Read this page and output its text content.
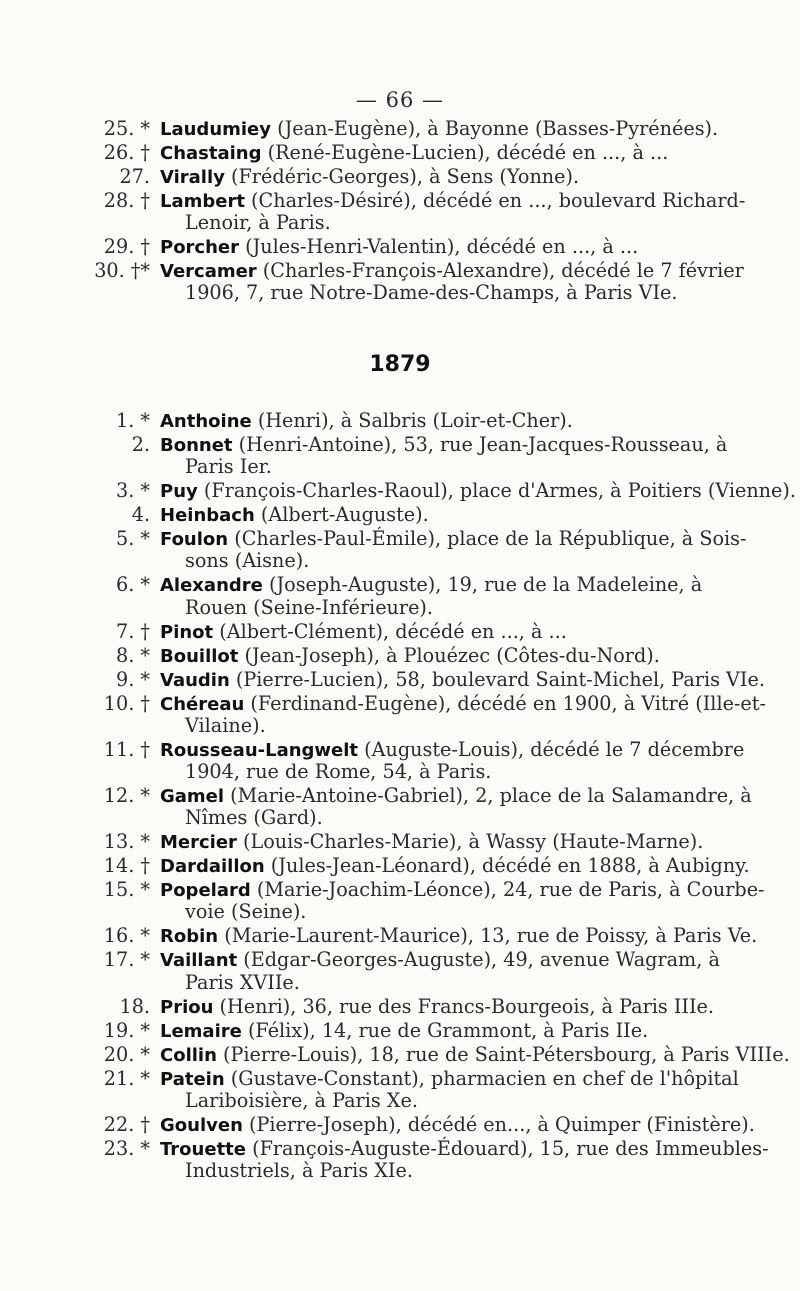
— 66 —
25. * Laudumiey (Jean-Eugène), à Bayonne (Basses-Pyrénées).
26. † Chastaing (René-Eugène-Lucien), décédé en ..., à ...
27. Virally (Frédéric-Georges), à Sens (Yonne).
28. † Lambert (Charles-Désiré), décédé en ..., boulevard Richard-
Lenoir, à Paris.
29. † Porcher (Jules-Henri-Valentin), décédé en ..., à ...
30. †* Vercamer (Charles-François-Alexandre), décédé le 7 février
1906, 7, rue Notre-Dame-des-Champs, à Paris VIe.
1879
1. * Anthoine (Henri), à Salbris (Loir-et-Cher).
2. Bonnet (Henri-Antoine), 53, rue Jean-Jacques-Rousseau, à
Paris Ier.
3. * Puy (François-Charles-Raoul), place d'Armes, à Poitiers (Vienne).
4. Heinbach (Albert-Auguste).
5. * Foulon (Charles-Paul-Émile), place de la République, à Sois-
sons (Aisne).
6. * Alexandre (Joseph-Auguste), 19, rue de la Madeleine, à
Rouen (Seine-Inférieure).
7. † Pinot (Albert-Clément), décédé en ..., à ...
8. * Bouillot (Jean-Joseph), à Plouézec (Côtes-du-Nord).
9. * Vaudin (Pierre-Lucien), 58, boulevard Saint-Michel, Paris VIe.
10. † Chéreau (Ferdinand-Eugène), décédé en 1900, à Vitré (Ille-et-
Vilaine).
11. † Rousseau-Langwelt (Auguste-Louis), décédé le 7 décembre
1904, rue de Rome, 54, à Paris.
12. * Gamel (Marie-Antoine-Gabriel), 2, place de la Salamandre, à
Nîmes (Gard).
13. * Mercier (Louis-Charles-Marie), à Wassy (Haute-Marne).
14. † Dardaillon (Jules-Jean-Léonard), décédé en 1888, à Aubigny.
15. * Popelard (Marie-Joachim-Léonce), 24, rue de Paris, à Courbe-
voie (Seine).
16. * Robin (Marie-Laurent-Maurice), 13, rue de Poissy, à Paris Ve.
17. * Vaillant (Edgar-Georges-Auguste), 49, avenue Wagram, à
Paris XVIIe.
18. Priou (Henri), 36, rue des Francs-Bourgeois, à Paris IIIe.
19. * Lemaire (Félix), 14, rue de Grammont, à Paris IIe.
20. * Collin (Pierre-Louis), 18, rue de Saint-Pétersbourg, à Paris VIIIe.
21. * Patein (Gustave-Constant), pharmacien en chef de l'hôpital
Lariboisière, à Paris Xe.
22. † Goulven (Pierre-Joseph), décédé en..., à Quimper (Finistère).
23. * Trouette (François-Auguste-Édouard), 15, rue des Immeubles-
Industriels, à Paris XIe.
